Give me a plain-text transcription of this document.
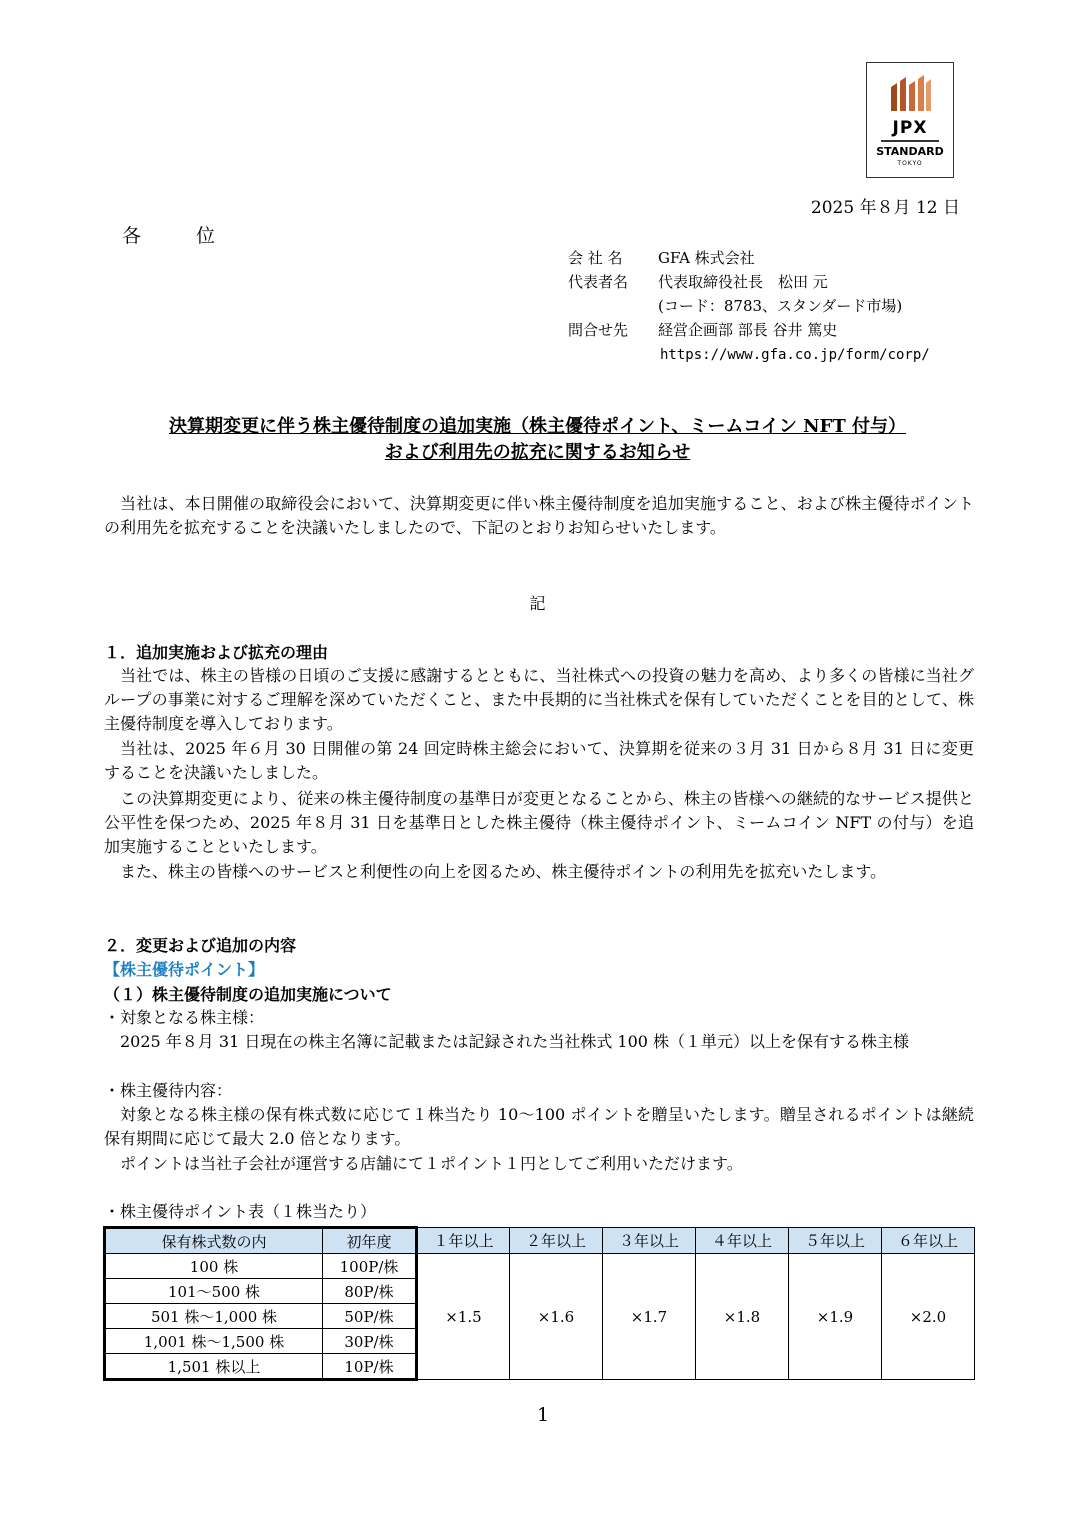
JPX
STANDARD
TOKYO
2025 年８月 12 日
各　位
会 社 名 GFA 株式会社
代表者名 代表取締役社長　松田 元
(コード：8783、スタンダード市場)
問合せ先 経営企画部 部長 谷井 篤史
https://www.gfa.co.jp/form/corp/
決算期変更に伴う株主優待制度の追加実施（株主優待ポイント、ミームコイン NFT 付与）
および利用先の拡充に関するお知らせ
当社は、本日開催の取締役会において、決算期変更に伴い株主優待制度を追加実施すること、および株主優待ポイントの利用先を拡充することを決議いたしましたので、下記のとおりお知らせいたします。
記
１．追加実施および拡充の理由
当社では、株主の皆様の日頃のご支援に感謝するとともに、当社株式への投資の魅力を高め、より多くの皆様に当社グループの事業に対するご理解を深めていただくこと、また中長期的に当社株式を保有していただくことを目的として、株主優待制度を導入しております。
当社は、2025 年６月 30 日開催の第 24 回定時株主総会において、決算期を従来の３月 31 日から８月 31 日に変更することを決議いたしました。
この決算期変更により、従来の株主優待制度の基準日が変更となることから、株主の皆様への継続的なサービス提供と公平性を保つため、2025 年８月 31 日を基準日とした株主優待（株主優待ポイント、ミームコイン NFT の付与）を追加実施することといたします。
また、株主の皆様へのサービスと利便性の向上を図るため、株主優待ポイントの利用先を拡充いたします。
２．変更および追加の内容
【株主優待ポイント】
（１）株主優待制度の追加実施について
・対象となる株主様：
2025 年８月 31 日現在の株主名簿に記載または記録された当社株式 100 株（１単元）以上を保有する株主様
・株主優待内容：
対象となる株主様の保有株式数に応じて１株当たり 10～100 ポイントを贈呈いたします。贈呈されるポイントは継続保有期間に応じて最大 2.0 倍となります。
ポイントは当社子会社が運営する店舗にて１ポイント１円としてご利用いただけます。
・株主優待ポイント表（１株当たり）
保有株式数の内	初年度	１年以上	２年以上	３年以上	４年以上	５年以上	６年以上
100 株	100P/株	×1.5	×1.6	×1.7	×1.8	×1.9	×2.0
101～500 株	80P/株						
501 株～1,000 株	50P/株						
1,001 株～1,500 株	30P/株						
1,501 株以上	10P/株						
1
